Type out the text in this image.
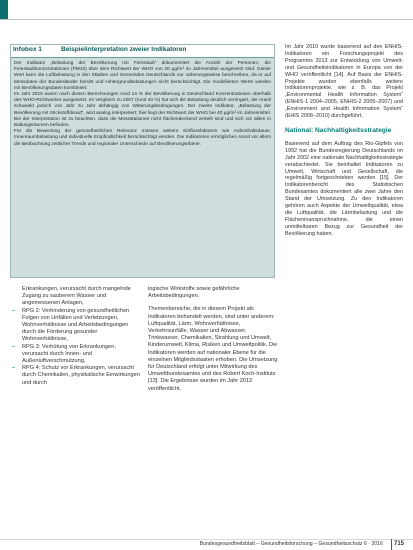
Infobox 1	Beispielinterpretation zweier Indikatoren

Der Indikator „Belastung der Bevölkerung mit Feinstaub“ dokumentiert die Anzahl der Personen, die Feinstaubkonzentrationen (PM10) über dem Richtwert der WHO von 20 µg/m³ im Jahresmittel ausgesetzt sind. Dieser Wert kann die Luftbelastung in den Städten und Gemeinden Deutschlands nur näherungsweise beschreiben, da er auf Messdaten der Bundesländer beruht und Hintergrundbelastungen nicht berücksichtigt. Die modellierten Werte werden mit Bevölkerungsdaten kombiniert.

Im Jahr 2015 waren nach diesen Berechnungen rund 14 % der Bevölkerung in Deutschland Konzentrationen oberhalb des WHO-Richtwertes ausgesetzt. Im Vergleich zu 2007 (rund 40 %) hat sich die Belastung deutlich verringert, der Anteil schwankt jedoch von Jahr zu Jahr abhängig von Witterungsbedingungen. Der zweite Indikator, „Belastung der Bevölkerung mit Stickstoffdioxid“, wird analog interpretiert; hier liegt der Richtwert der WHO bei 40 µg/m³ im Jahresmittel. Bei der Interpretation ist zu beachten, dass die Messstationen nicht flächendeckend verteilt sind und sich vor allem in Ballungsräumen befinden.

Für die Bewertung der gesundheitlichen Relevanz müssen weitere Einflussfaktoren wie Aufenthaltsdauer, Innenraumbelastung und individuelle Empfindlichkeit berücksichtigt werden. Die Indikatoren ermöglichen somit vor allem die Beobachtung zeitlicher Trends und regionaler Unterschiede auf Bevölkerungsebene.

Im Jahr 2010 wurde basierend auf den ENHIS-Indikatoren ein Forschungsprojekt des Programms 2013 zur Entwicklung von Umwelt- und Gesundheitsindikatoren in Europa von der WHO veröffentlicht [14]. Auf Basis der ENHIS-Projekte wurden ebenfalls weitere Indikatorenprojekte, wie z. B. das Projekt „Environmental Health Information System“ (ENHIS-1 2004–2005, ENHIS-2 2005–2007) und „Environment and Health Information System“ (EHIS 2008–2010) durchgeführt.

National: Nachhaltigkeitsstrategie

Basierend auf dem Auftrag des Rio-Gipfels von 1992 hat die Bundesregierung Deutschlands im Jahr 2002 eine nationale Nachhaltigkeitsstrategie verabschiedet. Sie beinhaltet Indikatoren zu Umwelt, Wirtschaft und Gesellschaft, die regelmäßig fortgeschrieben werden [15]. Der Indikatorenbericht des Statistischen Bundesamtes dokumentiert alle zwei Jahre den Stand der Umsetzung. Zu den Indikatoren gehören auch Aspekte der Umweltqualität, etwa die Luftqualität, die Lärmbelastung und die Flächeninanspruchnahme, die einen unmittelbaren Bezug zur Gesundheit der Bevölkerung haben.

Erkrankungen, verursacht durch mangelnde Zugang zu sauberem Wasser und angemessenen Anlagen,

– RPG 2: Verhinderung von gesundheitlichen Folgen von Unfällen und Verletzungen, Wohnverhältnisse und Arbeitsbedingungen durch die Förderung gesunder Wohnverhältnisse,
– RPG 3: Verhütung von Erkrankungen, verursacht durch Innen- und Außenluftverschmutzung,
– RPG 4: Schutz vor Erkrankungen, verursacht durch Chemikalien, physikalische Einwirkungen und durch

logische Wirkstoffe sowie gefährliche Arbeitsbedingungen.

Themenbereiche, die in diesem Projekt als Indikatoren behandelt werden, sind unter anderem: Luftqualität, Lärm, Wohnverhältnisse, Verkehrsunfälle, Wasser und Abwasser, Trinkwasser, Chemikalien, Strahlung und Umwelt, Kinderumwelt, Klima, Risiken und Umweltpolitik. Die Indikatoren werden auf nationaler Ebene für die einzelnen Mitgliedsstaaten erhoben. Die Umsetzung für Deutschland erfolgt unter Mitwirkung des Umweltbundesamtes und des Robert Koch-Instituts [13]. Die Ergebnisse wurden im Jahr 2012 veröffentlicht.

Bundesgesundheitsblatt – Gesundheitsforschung – Gesundheitsschutz 6 · 2016 715
